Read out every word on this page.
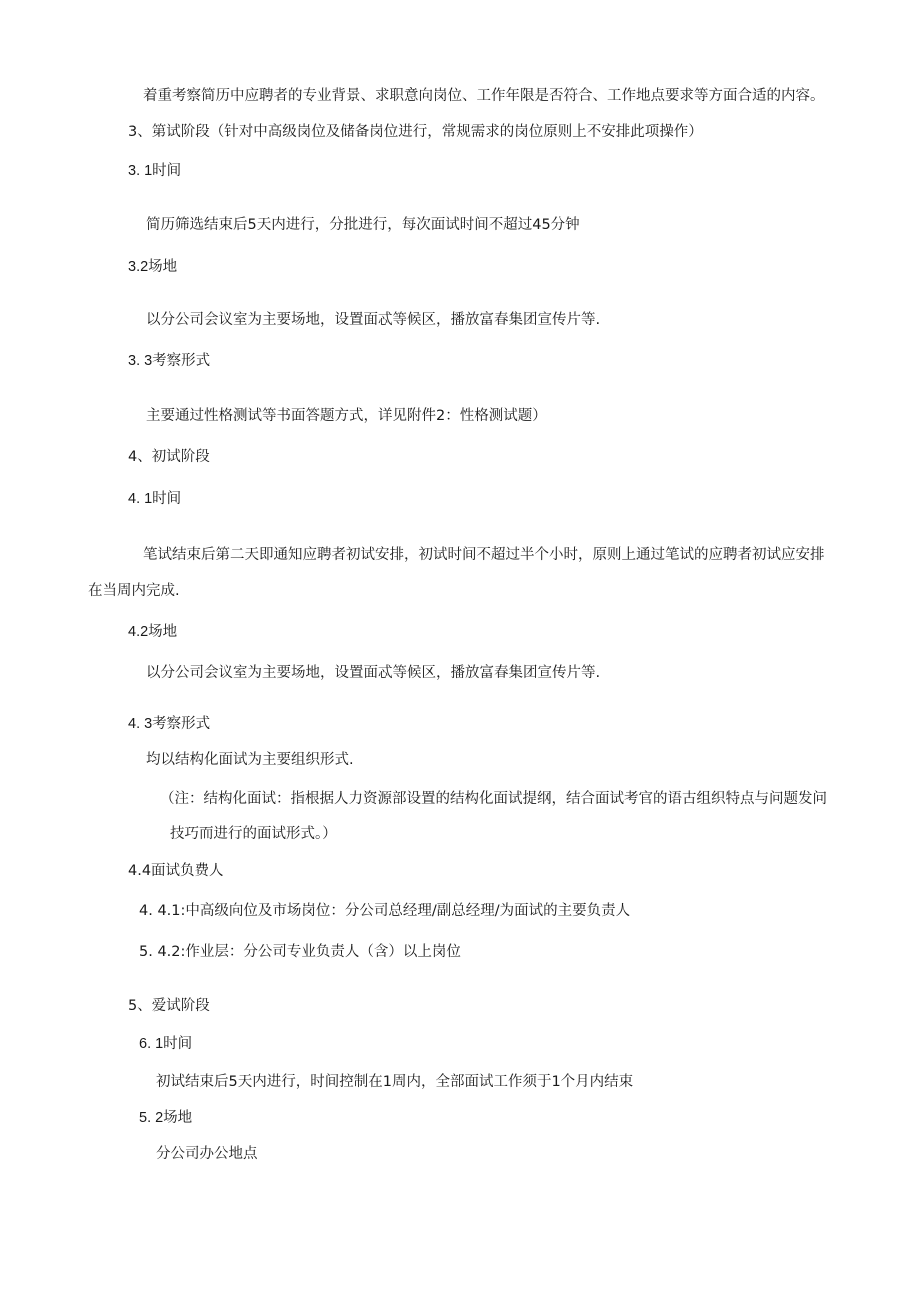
着重考察简历中应聘者的专业背景、求职意向岗位、工作年限是否符合、工作地点要求等方面合适的内容。
3、第试阶段（针对中高级岗位及储备岗位进行，常规需求的岗位原则上不安排此项操作）
3. 1时间
简历筛选结束后5天内进行，分批进行，每次面试时间不超过45分钟
3.2场地
以分公司会议室为主要场地，设置面忒等候区，播放富春集团宣传片等.
3. 3考察形式
主要通过性格测试等书面答题方式，详见附件2：性格测试题）
4、初试阶段
4. 1时间
笔试结束后第二天即通知应聘者初试安排，初试时间不超过半个小时，原则上通过笔试的应聘者初试应安排
在当周内完成.
4.2场地
以分公司会议室为主要场地，设置面忒等候区，播放富春集团宣传片等.
4. 3考察形式
均以结构化面试为主要组织形式.
（注：结构化面试：指根据人力资源部设置的结构化面试提纲，结合面试考官的语古组织特点与问题发问
技巧而进行的面试形式。）
4.4面试负费人
4. 4.1:中高级向位及市场岗位：分公司总经理/副总经理/为面试的主要负责人
5. 4.2:作业层：分公司专业负责人（含）以上岗位
5、爱试阶段
6. 1时间
初试结束后5天内进行，时间控制在1周内，全部面试工作须于1个月内结束
5. 2场地
分公司办公地点
